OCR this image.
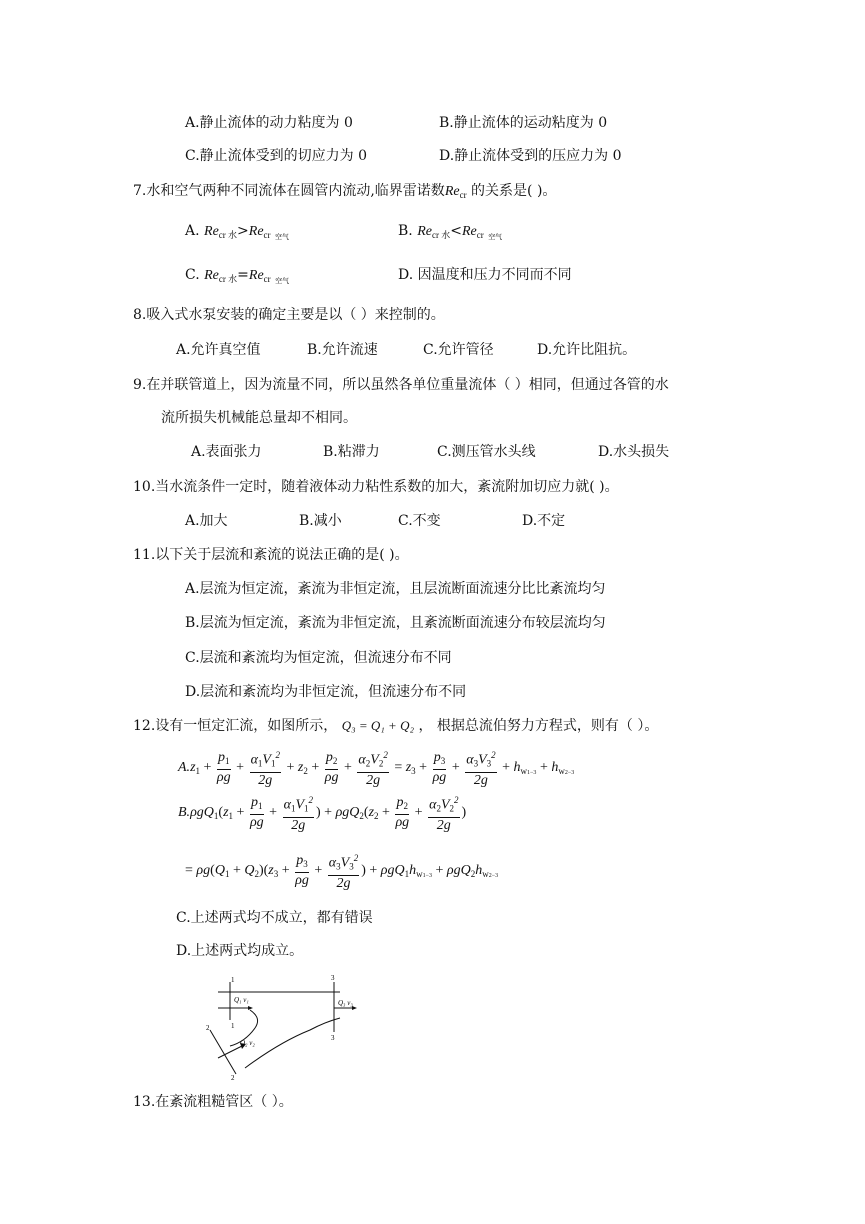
A.静止流体的动力粘度为 0	B.静止流体的运动粘度为 0
C.静止流体受到的切应力为 0	D.静止流体受到的压应力为 0
7.水和空气两种不同流体在圆管内流动,临界雷诺数$Re_{cr}$ 的关系是( )。
A. $Re_{cr 水}>Re_{cr}$ $_{空气}$	B. $Re_{cr 水}<Re_{cr}$ $_{空气}$
C. $Re_{cr 水}=Re_{cr}$ $_{空气}$	D. 因温度和压力不同而不同
8.吸入式水泵安装的确定主要是以（ ）来控制的。
A.允许真空值	B.允许流速	C.允许管径	D.允许比阻抗。
9.在并联管道上，因为流量不同，所以虽然各单位重量流体（ ）相同，但通过各管的水
流所损失机械能总量却不相同。
A.表面张力	B.粘滞力	C.测压管水头线	D.水头损失
10.当水流条件一定时，随着液体动力粘性系数的加大，紊流附加切应力就( )。
A.加大	B.减小	C.不变	D.不定
11.以下关于层流和紊流的说法正确的是( )。
A.层流为恒定流，紊流为非恒定流，且层流断面流速分比比紊流均匀
B.层流为恒定流，紊流为非恒定流，且紊流断面流速分布较层流均匀
C.层流和紊流均为恒定流，但流速分布不同
D.层流和紊流均为非恒定流，但流速分布不同
12.设有一恒定汇流，如图所示， Q₃ = Q₁ + Q₂ ， 根据总流伯努力方程式，则有（ ）。
$A.z_1 + \frac{p_1}{\rho g} + \frac{\alpha_1V_1^2}{2g} + z_2 + \frac{p_2}{\rho g} + \frac{\alpha_2V_2^2}{2g} = z_3 + \frac{p_3}{\rho g} + \frac{\alpha_3V_3^2}{2g} + h_{w1-3} + h_{w2-3}$
$B.\rho gQ_1(z_1 + \frac{p_1}{\rho g} + \frac{\alpha_1V_1^2}{2g}$ ) + $\rho gQ_2(z_2 + \frac{p_2}{\rho g} + \frac{\alpha_2V_2^2}{2g}$ )
= $\rho g(Q_1 + Q_2)(z_3 + \frac{p_3}{\rho g} + \frac{\alpha_3V_3^2}{2g}$ ) + $\rho gQ_1h_{w1-3} + \rho gQ_2h_{w2-3}$
C.上述两式均不成立，都有错误
D.上述两式均成立。
1
1
3
3
2
2
Q₁ v₁	Q₃ v₃
Q₂ v₂
13.在紊流粗糙管区（ ）。
